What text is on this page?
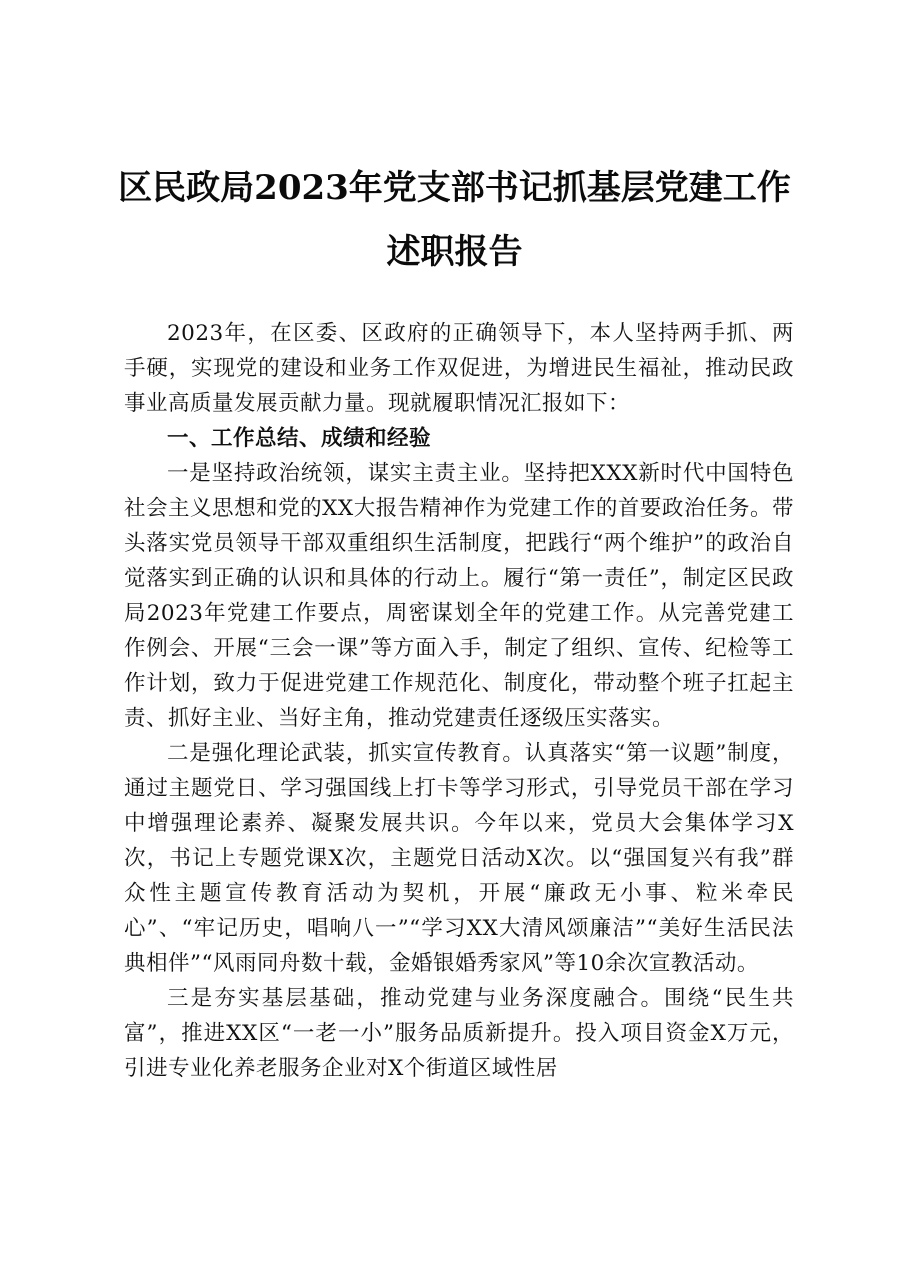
区民政局2023年党支部书记抓基层党建工作
述职报告

2023年，在区委、区政府的正确领导下，本人坚持两手抓、两手硬，实现党的建设和业务工作双促进，为增进民生福祉，推动民政事业高质量发展贡献力量。现就履职情况汇报如下：

一、工作总结、成绩和经验

一是坚持政治统领，谋实主责主业。坚持把XXX新时代中国特色社会主义思想和党的XX大报告精神作为党建工作的首要政治任务。带头落实党员领导干部双重组织生活制度，把践行“两个维护”的政治自觉落实到正确的认识和具体的行动上。履行“第一责任”，制定区民政局2023年党建工作要点，周密谋划全年的党建工作。从完善党建工作例会、开展“三会一课”等方面入手，制定了组织、宣传、纪检等工作计划，致力于促进党建工作规范化、制度化，带动整个班子扛起主责、抓好主业、当好主角，推动党建责任逐级压实落实。

二是强化理论武装，抓实宣传教育。认真落实“第一议题”制度，通过主题党日、学习强国线上打卡等学习形式，引导党员干部在学习中增强理论素养、凝聚发展共识。今年以来，党员大会集体学习X次，书记上专题党课X次，主题党日活动X次。以“强国复兴有我”群众性主题宣传教育活动为契机，开展“廉政无小事、粒米牵民心”、“牢记历史，唱响八一”“学习XX大清风颂廉洁”“美好生活民法典相伴”“风雨同舟数十载，金婚银婚秀家风”等10余次宣教活动。

三是夯实基层基础，推动党建与业务深度融合。围绕“民生共富”，推进XX区“一老一小”服务品质新提升。投入项目资金X万元，引进专业化养老服务企业对X个街道区域性居
